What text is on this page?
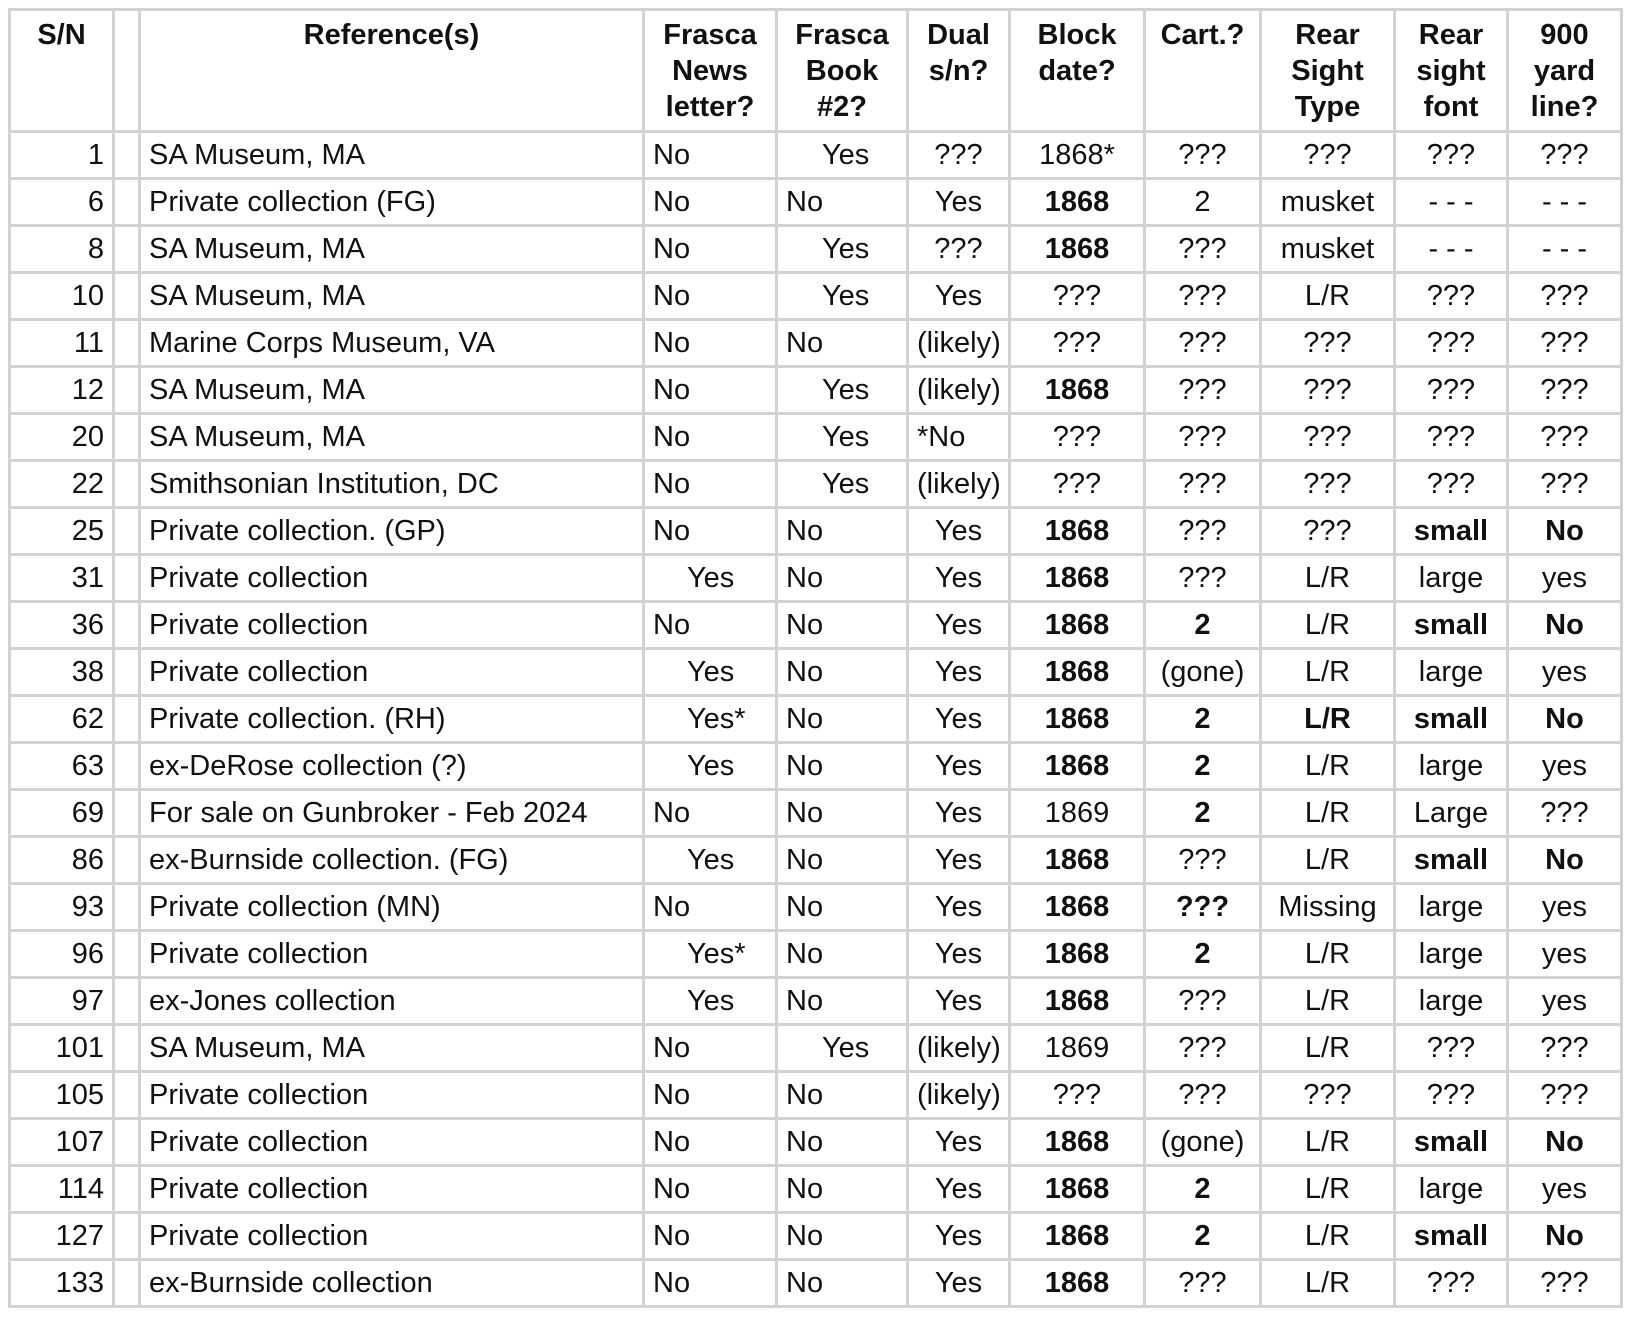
S/N		Reference(s)	Frasca News letter?	Frasca Book #2?	Dual s/n?	Block date?	Cart.?	Rear Sight Type	Rear sight font	900 yard line?
1		SA Museum, MA	No	Yes	???	1868*	???	???	???	???
6		Private collection (FG)	No	No	Yes	1868	2	musket	- - -	- - -
8		SA Museum, MA	No	Yes	???	1868	???	musket	- - -	- - -
10		SA Museum, MA	No	Yes	Yes	???	???	L/R	???	???
11		Marine Corps Museum, VA	No	No	(likely)	???	???	???	???	???
12		SA Museum, MA	No	Yes	(likely)	1868	???	???	???	???
20		SA Museum, MA	No	Yes	*No	???	???	???	???	???
22		Smithsonian Institution, DC	No	Yes	(likely)	???	???	???	???	???
25		Private collection. (GP)	No	No	Yes	1868	???	???	small	No
31		Private collection	Yes	No	Yes	1868	???	L/R	large	yes
36		Private collection	No	No	Yes	1868	2	L/R	small	No
38		Private collection	Yes	No	Yes	1868	(gone)	L/R	large	yes
62		Private collection. (RH)	Yes*	No	Yes	1868	2	L/R	small	No
63		ex-DeRose collection (?)	Yes	No	Yes	1868	2	L/R	large	yes
69		For sale on Gunbroker - Feb 2024	No	No	Yes	1869	2	L/R	Large	???
86		ex-Burnside collection. (FG)	Yes	No	Yes	1868	???	L/R	small	No
93		Private collection (MN)	No	No	Yes	1868	???	Missing	large	yes
96		Private collection	Yes*	No	Yes	1868	2	L/R	large	yes
97		ex-Jones collection	Yes	No	Yes	1868	???	L/R	large	yes
101		SA Museum, MA	No	Yes	(likely)	1869	???	L/R	???	???
105		Private collection	No	No	(likely)	???	???	???	???	???
107		Private collection	No	No	Yes	1868	(gone)	L/R	small	No
114		Private collection	No	No	Yes	1868	2	L/R	large	yes
127		Private collection	No	No	Yes	1868	2	L/R	small	No
133		ex-Burnside collection	No	No	Yes	1868	???	L/R	???	???
